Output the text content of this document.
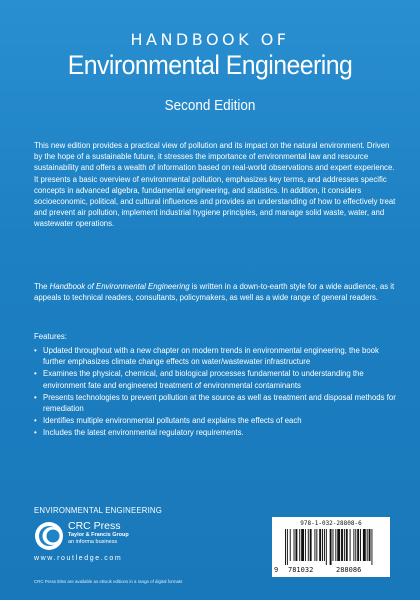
HANDBOOK OF
Environmental Engineering
Second Edition
This new edition provides a practical view of pollution and its impact on the natural environment. Driven by the hope of a sustainable future, it stresses the importance of environmental law and resource sustainability and offers a wealth of information based on real-world observations and expert experience. It presents a basic overview of environmental pollution, emphasizes key terms, and addresses specific concepts in advanced algebra, fundamental engineering, and statistics. In addition, it considers socioeconomic, political, and cultural influences and provides an understanding of how to effectively treat and prevent air pollution, implement industrial hygiene principles, and manage solid waste, water, and wastewater operations.
The Handbook of Environmental Engineering is written in a down-to-earth style for a wide audience, as it appeals to technical readers, consultants, policymakers, as well as a wide range of general readers.
Features:
• Updated throughout with a new chapter on modern trends in environmental engineering, the book further emphasizes climate change effects on water/wastewater infrastructure
• Examines the physical, chemical, and biological processes fundamental to understanding the environment fate and engineered treatment of environmental contaminants
• Presents technologies to prevent pollution at the source as well as treatment and disposal methods for remediation
• Identifies multiple environmental pollutants and explains the effects of each
• Includes the latest environmental regulatory requirements.
ENVIRONMENTAL ENGINEERING
CRC Press
Taylor & Francis Group
an informa business
www.routledge.com
CRC Press titles are available as eBook editions in a range of digital formats
978-1-032-28808-6
9 781032	288086
